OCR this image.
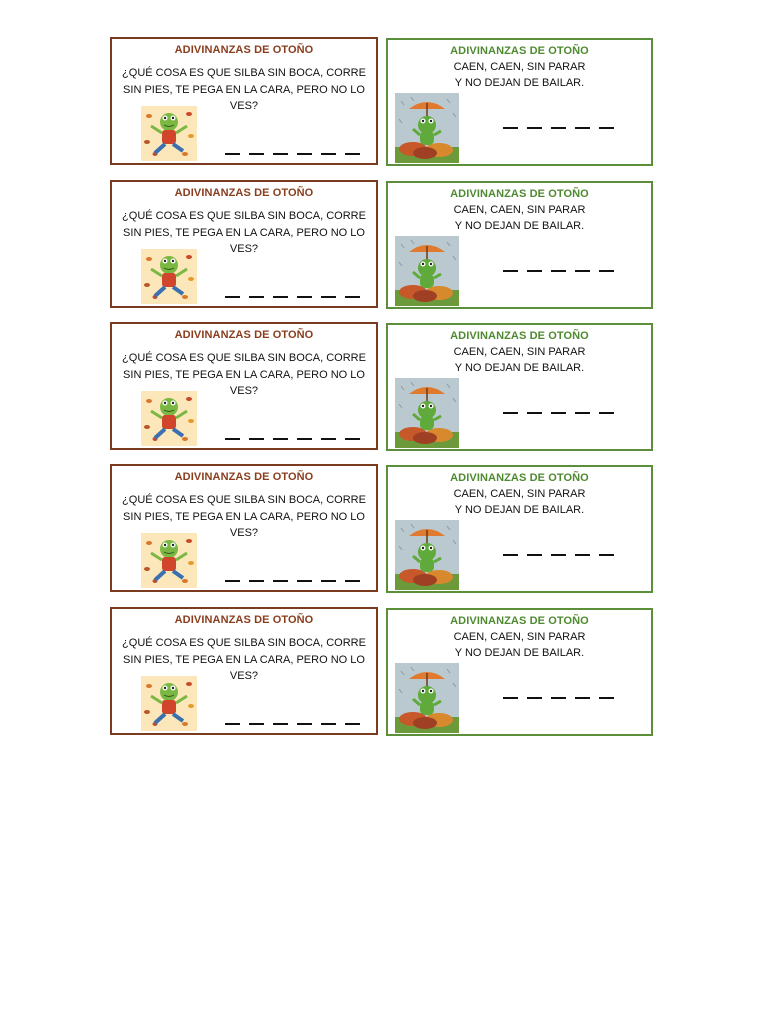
ADIVINANZAS DE OTOÑO
¿QUÉ COSA ES QUE SILBA SIN BOCA, CORRE SIN PIES, TE PEGA EN LA CARA, PERO NO LO VES?
ADIVINANZAS DE OTOÑO
CAEN, CAEN, SIN PARAR
Y NO DEJAN DE BAILAR.
ADIVINANZAS DE OTOÑO
¿QUÉ COSA ES QUE SILBA SIN BOCA, CORRE SIN PIES, TE PEGA EN LA CARA, PERO NO LO VES?
ADIVINANZAS DE OTOÑO
CAEN, CAEN, SIN PARAR
Y NO DEJAN DE BAILAR.
ADIVINANZAS DE OTOÑO
¿QUÉ COSA ES QUE SILBA SIN BOCA, CORRE SIN PIES, TE PEGA EN LA CARA, PERO NO LO VES?
ADIVINANZAS DE OTOÑO
CAEN, CAEN, SIN PARAR
Y NO DEJAN DE BAILAR.
ADIVINANZAS DE OTOÑO
¿QUÉ COSA ES QUE SILBA SIN BOCA, CORRE SIN PIES, TE PEGA EN LA CARA, PERO NO LO VES?
ADIVINANZAS DE OTOÑO
CAEN, CAEN, SIN PARAR
Y NO DEJAN DE BAILAR.
ADIVINANZAS DE OTOÑO
¿QUÉ COSA ES QUE SILBA SIN BOCA, CORRE SIN PIES, TE PEGA EN LA CARA, PERO NO LO VES?
ADIVINANZAS DE OTOÑO
CAEN, CAEN, SIN PARAR
Y NO DEJAN DE BAILAR.
